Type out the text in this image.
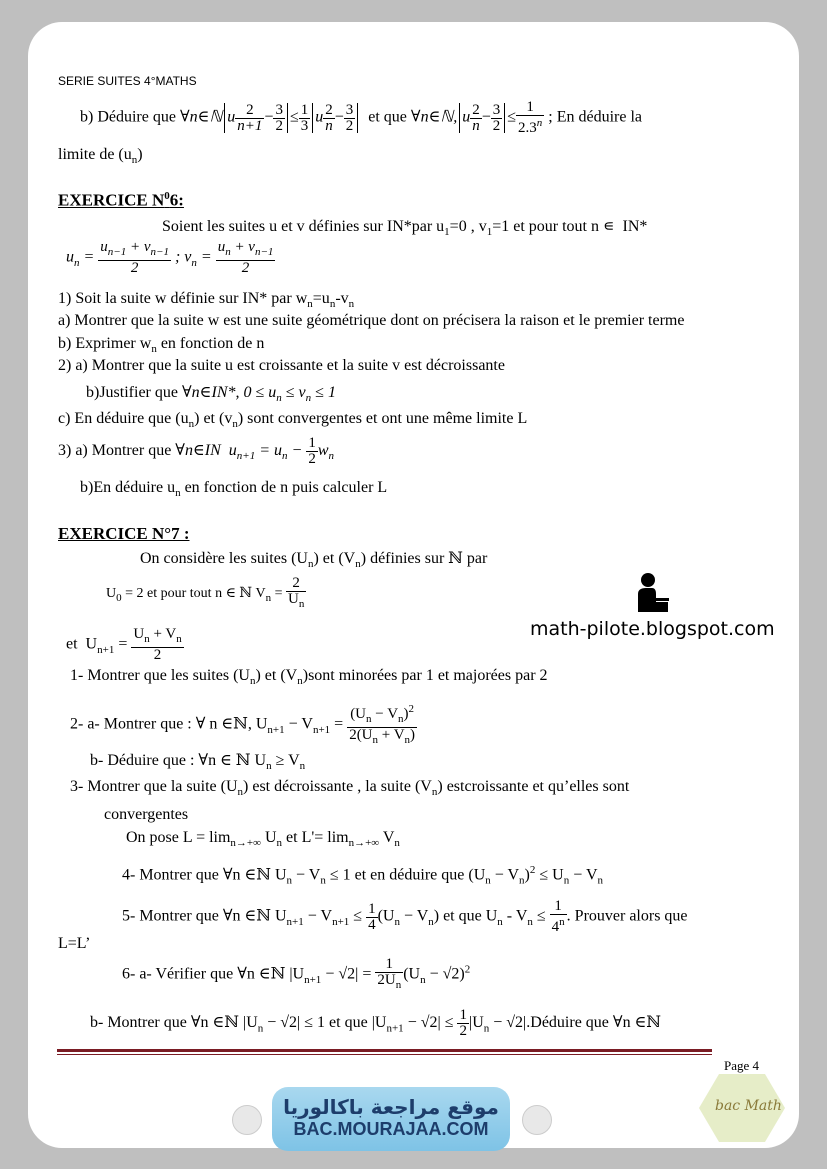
SERIE SUITES 4°MATHS
b) Déduire que ∀n∈ℕ u $\frac{2}{n+1} - \frac{3}{2} \le \frac{1}{3}$ u $\frac{2}{n} - \frac{3}{2}$ et que ∀n∈ℕ, u $\frac{2}{n} - \frac{3}{2} \le \frac{1}{2.3^n}$ ; En déduire la
limite de $(u_n)$
EXERCICE $N^06$:
Soient les suites u et v définies sur IN*par $u_1=0$ , $v_1=1$ et pour tout n ∊  IN*
$u_n = \frac{u_{n-1} + v_{n-1}}{2}$ ; $v_n = \frac{u_n + v_{n-1}}{2}$
1) Soit la suite w définie sur IN* par $w_n=u_n-v_n$
a) Montrer que la suite w est une suite géométrique dont on précisera la raison et le premier terme
b) Exprimer $w_n$ en fonction de n
2) a) Montrer que la suite u est croissante et la suite v est décroissante
b)Justifier que ∀n∈IN*, $0 \le u_n \le v_n \le 1$
c) En déduire que $(u_n)$ et $(v_n)$ sont convergentes et ont une même limite L
3) a) Montrer que ∀n∈IN  $u_{n+1} = u_n - \frac{1}{2} w_n$
b)En déduire $u_n$ en fonction de n puis calculer L
EXERCICE N°7 :
On considère les suites $(U_n)$ et $(V_n)$ définies sur ℕ par
$U_0 = 2$ et pour tout n ∈ ℕ $V_n = \frac{2}{U_n}$
et  $U_{n+1} = \frac{U_n + V_n}{2}$	math-pilote.blogspot.com
1- Montrer que les suites $(U_n)$ et $(V_n)sont$ minorées par 1 et majorées par 2
2- a- Montrer que : ∀ n ∈ℕ, $U_{n+1} - V_{n+1} = \frac{(U_n - V_n)^2}{2(U_n + V_n)}$
b- Déduire que : ∀n ∈ ℕ $U_n \ge V_n$
3- Montrer que la suite $(U_n)$ est décroissante , la suite $(V_n)$ estcroissante et qu’elles sont
convergentes
On pose $L = \lim_{n\to+\infty} U_n$ et $L'= \lim_{n\to+\infty} V_n$
4- Montrer que ∀n ∈ℕ $U_n - V_n \le 1$ et en déduire que $(U_n - V_n)^2 \le U_n - V_n$
5- Montrer que ∀n ∈ℕ $U_{n+1} - V_{n+1} \le \frac{1}{4} (U_n - V_n)$ et que $U_n - V_n \le \frac{1}{4^n}$ . Prouver alors que
L=L’
6- a- Vérifier que ∀n ∈ℕ $|U_{n+1} - √2| = \frac{1}{2U_n} (U_n - √2)^2$
b- Montrer que ∀n ∈ℕ $|U_n - √2| \le 1$ et que $|U_{n+1} - √2| \le \frac{1}{2} |U_n$ − √2|.Déduire que ∀n ∈ℕ
Page 4
موقع مراجعة باكالوريا
BAC.MOURAJAA.COM
bac Math
